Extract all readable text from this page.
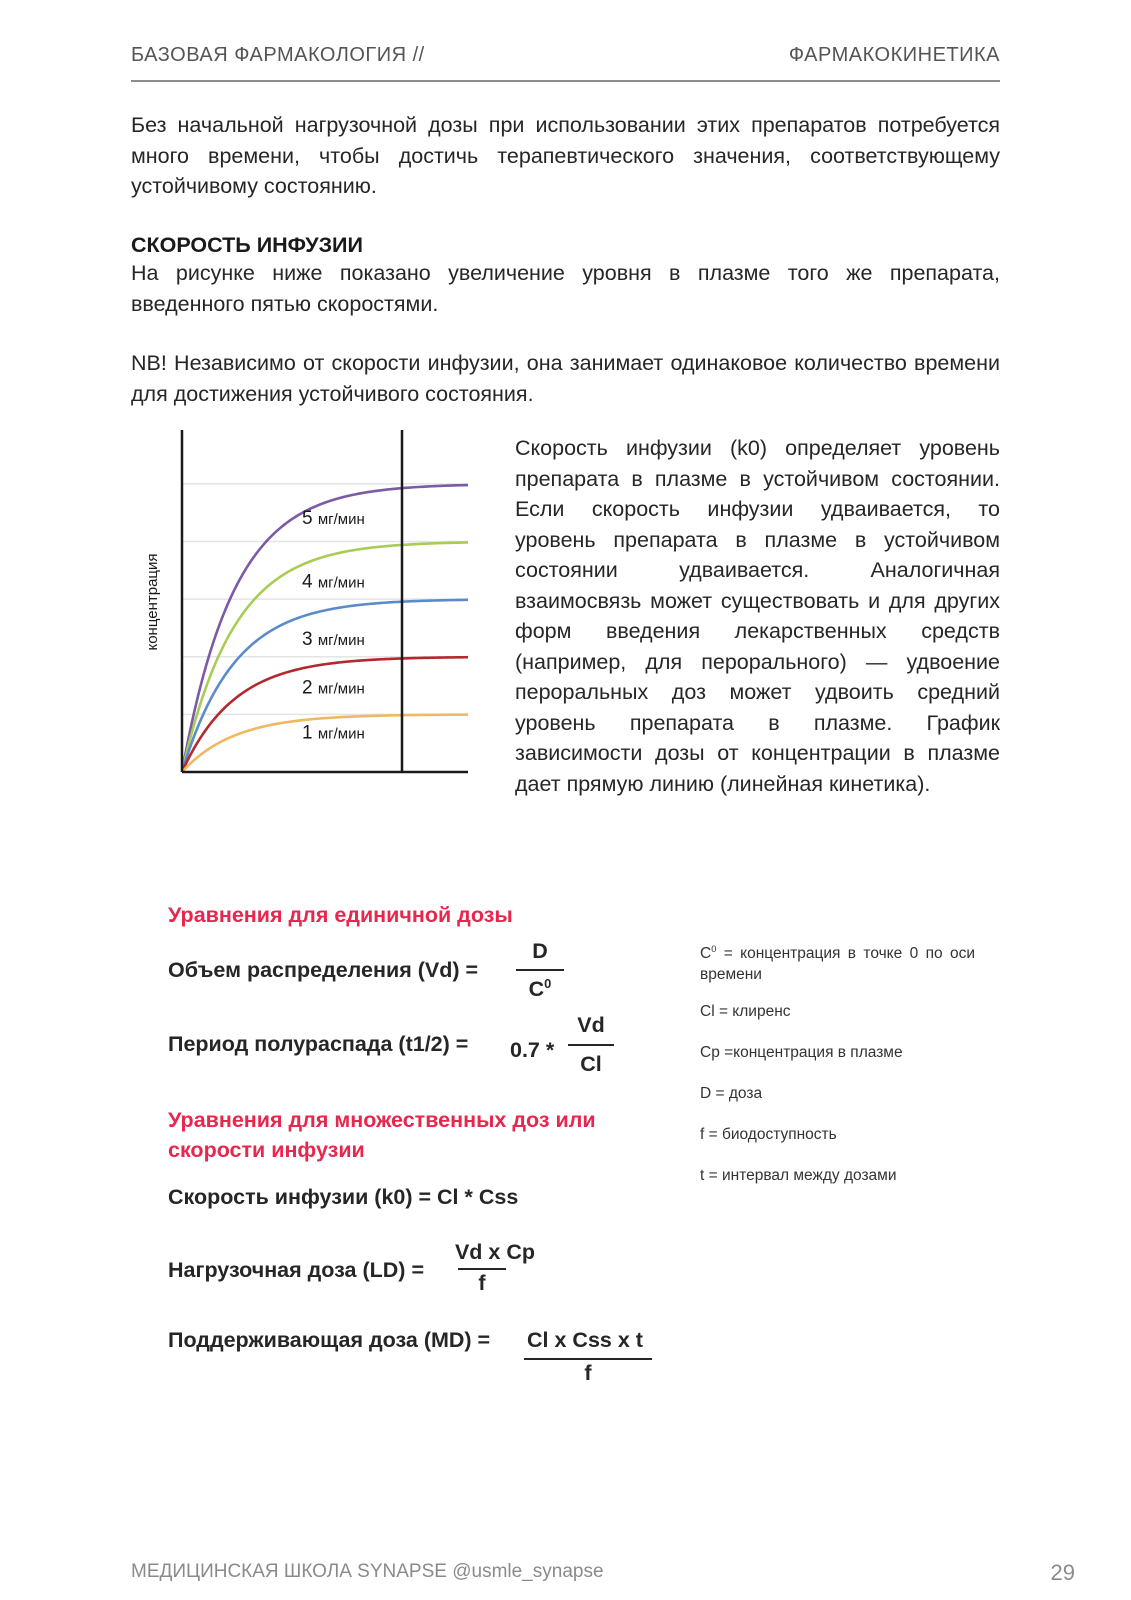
БАЗОВАЯ ФАРМАКОЛОГИЯ //	ФАРМАКОКИНЕТИКА
Без начальной нагрузочной дозы при использовании этих препаратов потребуется много времени, чтобы достичь терапевтического значения, соответствующему устойчивому состоянию.
СКОРОСТЬ ИНФУЗИИ
На рисунке ниже показано увеличение уровня в плазме того же препарата, введенного пятью скоростями.
NB! Независимо от скорости инфузии, она занимает одинаковое количество времени для достижения устойчивого состояния.
5 мг/мин
4 мг/мин
3 мг/мин
2 мг/мин
1 мг/мин
концентрация
Скорость инфузии (k0) определяет уровень препарата в плазме в устойчивом состоянии. Если скорость инфузии удваивается, то уровень препарата в плазме в устойчивом состоянии удваивается. Аналогичная взаимосвязь может существовать и для других форм введения лекарственных средств (например, для перорального) — удвоение пероральных доз может удвоить средний уровень препарата в плазме. График зависимости дозы от концентрации в плазме дает прямую линию (линейная кинетика).
Уравнения для единичной дозы
Объем распределения (Vd) =
D
$C^0$
Период полураспада (t1/2) = 0.7 *
Vd
Cl
Уравнения для множественных доз или
скорости инфузии
Скорость инфузии (k0) = Cl * Css
Нагрузочная доза (LD) =
Vd x Cp
f
Поддерживающая доза (MD) =	Cl x Css x t
f
$C^0$ = концентрация в точке 0 по оси времени
Cl = клиренс
Cp =концентрация в плазме
D = доза
f = биодоступность
t = интервал между дозами
МЕДИЦИНСКАЯ ШКОЛА SYNAPSE @usmle_synapse	29
